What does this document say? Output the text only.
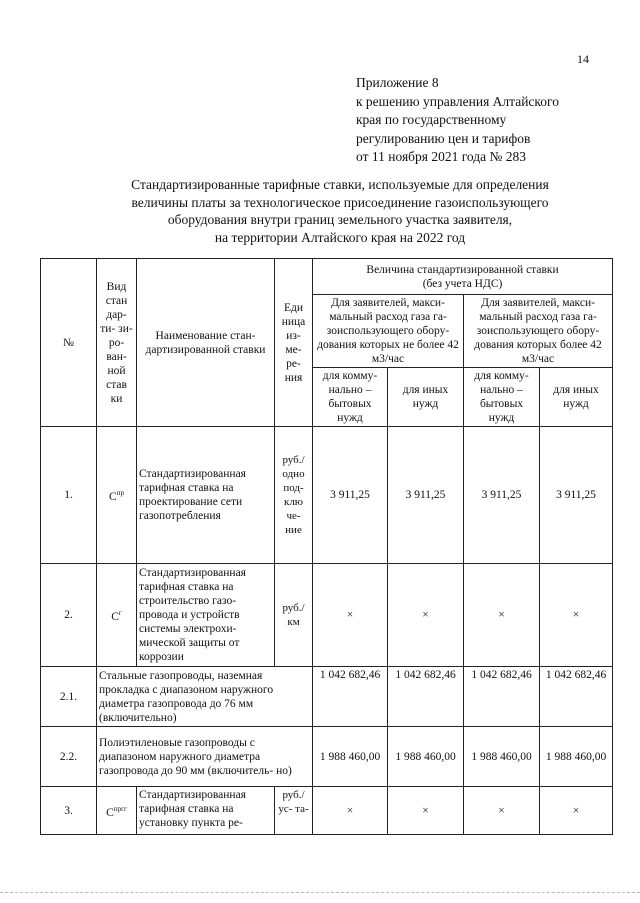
14
Приложение 8
к решению управления Алтайского
края по государственному
регулированию цен и тарифов
от 11 ноября 2021 года № 283
Стандартизированные тарифные ставки, используемые для определения
величины платы за технологическое присоединение газоиспользующего
оборудования внутри границ земельного участка заявителя,
на территории Алтайского края на 2022 год
№	Вид стан дар- ти- зи- ро- ван- ной став ки	Наименование стан- дартизированной ставки	Еди ница из- ме- ре- ния	Величина стандартизированной ставки
(без учета НДС)			

				Для заявителей, макси- мальный расход газа га- зоиспользующего обору- дования которых не более 42 м3/час		Для заявителей, макси- мальный расход газа га- зоиспользующего обору- дования которых более 42 м3/час	
				для комму- нально – бытовых нужд	для иных нужд	для комму- нально – бытовых нужд	для иных нужд
1.	$С^{пр}$	Стандартизированная тарифная ставка на проектирование сети газопотребления	руб./ одно под- клю че- ние	3 911,25	3 911,25	3 911,25	3 911,25
2.	$С^г$	Стандартизированная тарифная ставка на строительство газо- провода и устройств системы электрохи- мической защиты от коррозии	руб./ км	×	×	×	×
2.1.	Стальные газопроводы, наземная прокладка с диапазоном наружного диаметра газопровода до 76 мм (включительно)			1 042 682,46	1 042 682,46	1 042 682,46	1 042 682,46
2.2.	Полиэтиленовые газопроводы с диапазоном наружного диаметра газопровода до 90 мм (включитель- но)			1 988 460,00	1 988 460,00	1 988 460,00	1 988 460,00
3.	$С^{пргг}$	Стандартизированная тарифная ставка на установку пункта ре-	руб./ ус- та-	×	×	×	×
